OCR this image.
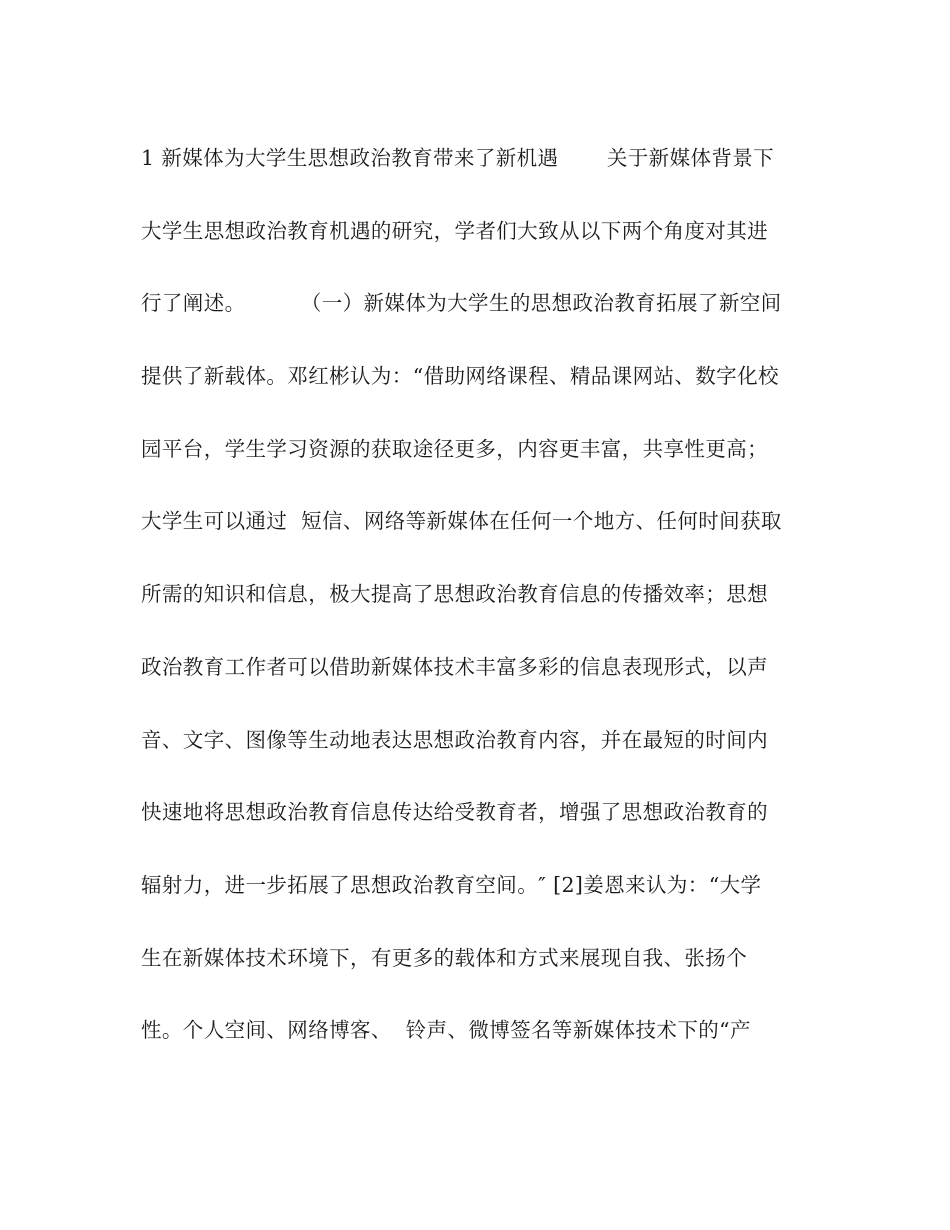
1 新媒体为大学生思想政治教育带来了新机遇       关于新媒体背景下
大学生思想政治教育机遇的研究，学者们大致从以下两个角度对其进
行了阐述。        （一）新媒体为大学生的思想政治教育拓展了新空间
提供了新载体。邓红彬认为：“借助网络课程、精品课网站、数字化校
园平台，学生学习资源的获取途径更多，内容更丰富，共享性更高；
大学生可以通过  短信、网络等新媒体在任何一个地方、任何时间获取
所需的知识和信息，极大提高了思想政治教育信息的传播效率；思想
政治教育工作者可以借助新媒体技术丰富多彩的信息表现形式，以声
音、文字、图像等生动地表达思想政治教育内容，并在最短的时间内
快速地将思想政治教育信息传达给受教育者，增强了思想政治教育的
辐射力，进一步拓展了思想政治教育空间。″ [2]姜恩来认为：“大学
生在新媒体技术环境下，有更多的载体和方式来展现自我、张扬个
性。个人空间、网络博客、  铃声、微博签名等新媒体技术下的“产
